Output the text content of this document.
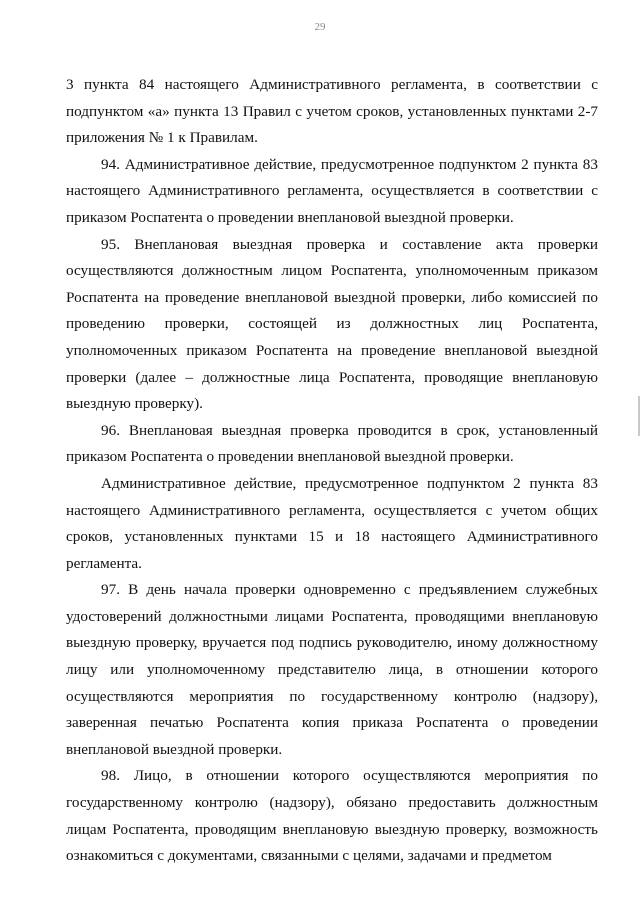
29

3 пункта 84 настоящего Административного регламента, в соответствии с подпунктом «а» пункта 13 Правил с учетом сроков, установленных пунктами 2-7 приложения № 1 к Правилам.

94. Административное действие, предусмотренное подпунктом 2 пункта 83 настоящего Административного регламента, осуществляется в соответствии с приказом Роспатента о проведении внеплановой выездной проверки.

95. Внеплановая выездная проверка и составление акта проверки осуществляются должностным лицом Роспатента, уполномоченным приказом Роспатента на проведение внеплановой выездной проверки, либо комиссией по проведению проверки, состоящей из должностных лиц Роспатента, уполномоченных приказом Роспатента на проведение внеплановой выездной проверки (далее – должностные лица Роспатента, проводящие внеплановую выездную проверку).

96. Внеплановая выездная проверка проводится в срок, установленный приказом Роспатента о проведении внеплановой выездной проверки.

Административное действие, предусмотренное подпунктом 2 пункта 83 настоящего Административного регламента, осуществляется с учетом общих сроков, установленных пунктами 15 и 18 настоящего Административного регламента.

97. В день начала проверки одновременно с предъявлением служебных удостоверений должностными лицами Роспатента, проводящими внеплановую выездную проверку, вручается под подпись руководителю, иному должностному лицу или уполномоченному представителю лица, в отношении которого осуществляются мероприятия по государственному контролю (надзору), заверенная печатью Роспатента копия приказа Роспатента о проведении внеплановой выездной проверки.

98. Лицо, в отношении которого осуществляются мероприятия по государственному контролю (надзору), обязано предоставить должностным лицам Роспатента, проводящим внеплановую выездную проверку, возможность ознакомиться с документами, связанными с целями, задачами и предметом
